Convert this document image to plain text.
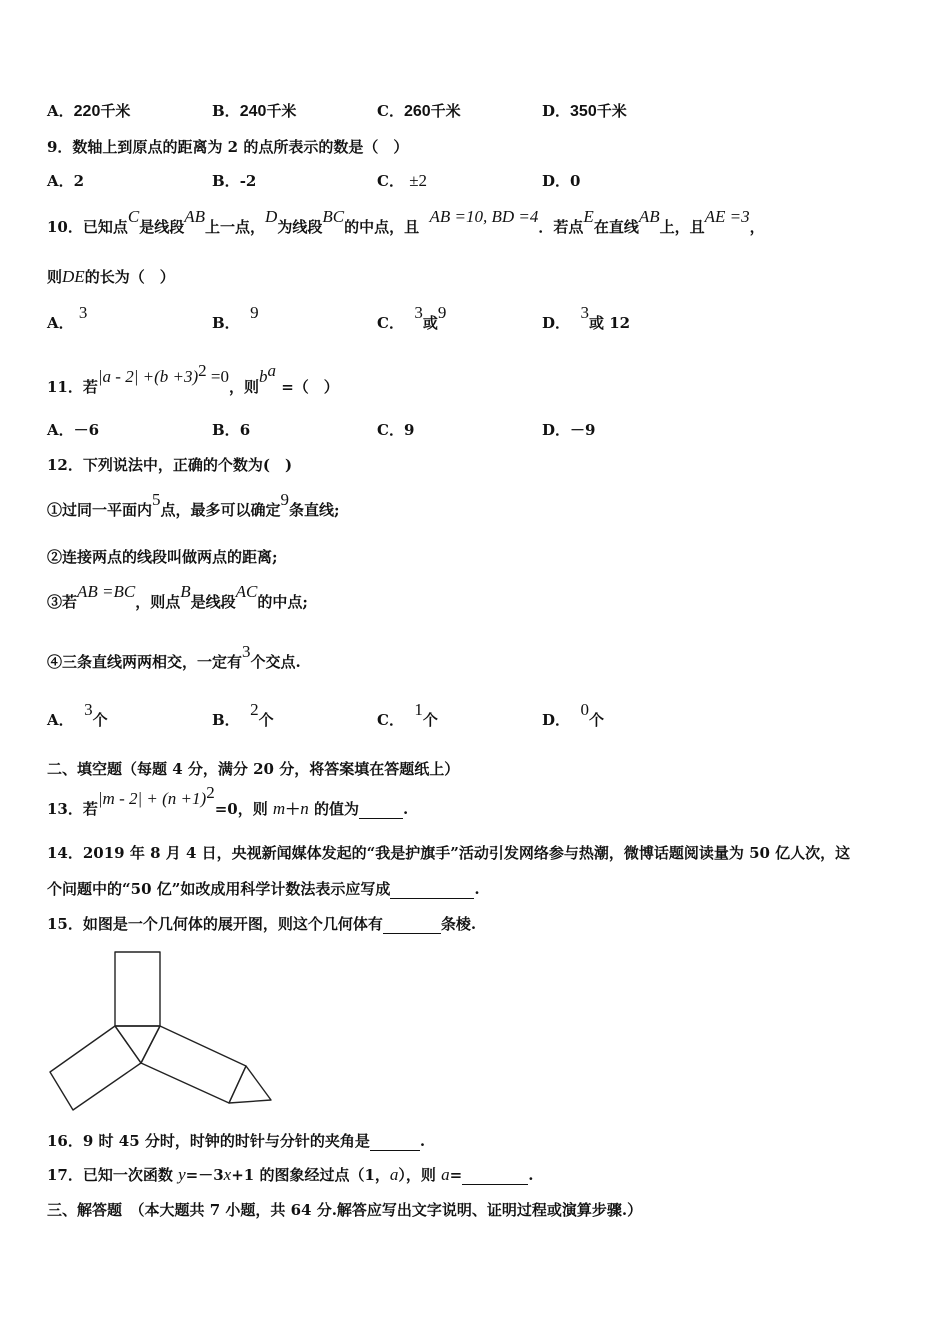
A．220千米	B．240千米	C．260千米	D．350千米
9．数轴上到原点的距离为 2 的点所表示的数是（　）
A．2	B．-2	C． ±2	D．0
10．已知点C是线段AB上一点，D为线段BC的中点，且  AB =10, BD =4．若点E在直线AB上，且AE =3，
则DE的长为（　）
A． 3
B．  9
C．  3或9
D．  3或 12
11．若$|a - 2| +(b +3)^2 =0$，则$b^a$ =（　）
A．－6	B．6	C．9	D．－9
12．下列说法中，正确的个数为(　)
①过同一平面内5点，最多可以确定9条直线;
②连接两点的线段叫做两点的距离;
③若AB =BC，则点B是线段AC的中点;
④三条直线两两相交，一定有3个交点.
A．  3个	B．  2个	C．  1个	D．  0个
二、填空题（每题 4 分，满分 20 分，将答案填在答题纸上）
13．若$|m - 2| + (n +1)^2=0$，则 m＋n 的值为	.
14．2019 年 8 月 4 日，央视新闻媒体发起的“我是护旗手”活动引发网络参与热潮，微博话题阅读量为 50 亿人次，这
个问题中的“50 亿”如改成用科学计数法表示应写成	.
15．如图是一个几何体的展开图，则这个几何体有	条棱.
16．9 时 45 分时，时钟的时针与分针的夹角是	.
17．已知一次函数 y=－3x+1 的图象经过点（1，a），则 a=	.
三、解答题　（本大题共 7 小题，共 64 分.解答应写出文字说明、证明过程或演算步骤.）
